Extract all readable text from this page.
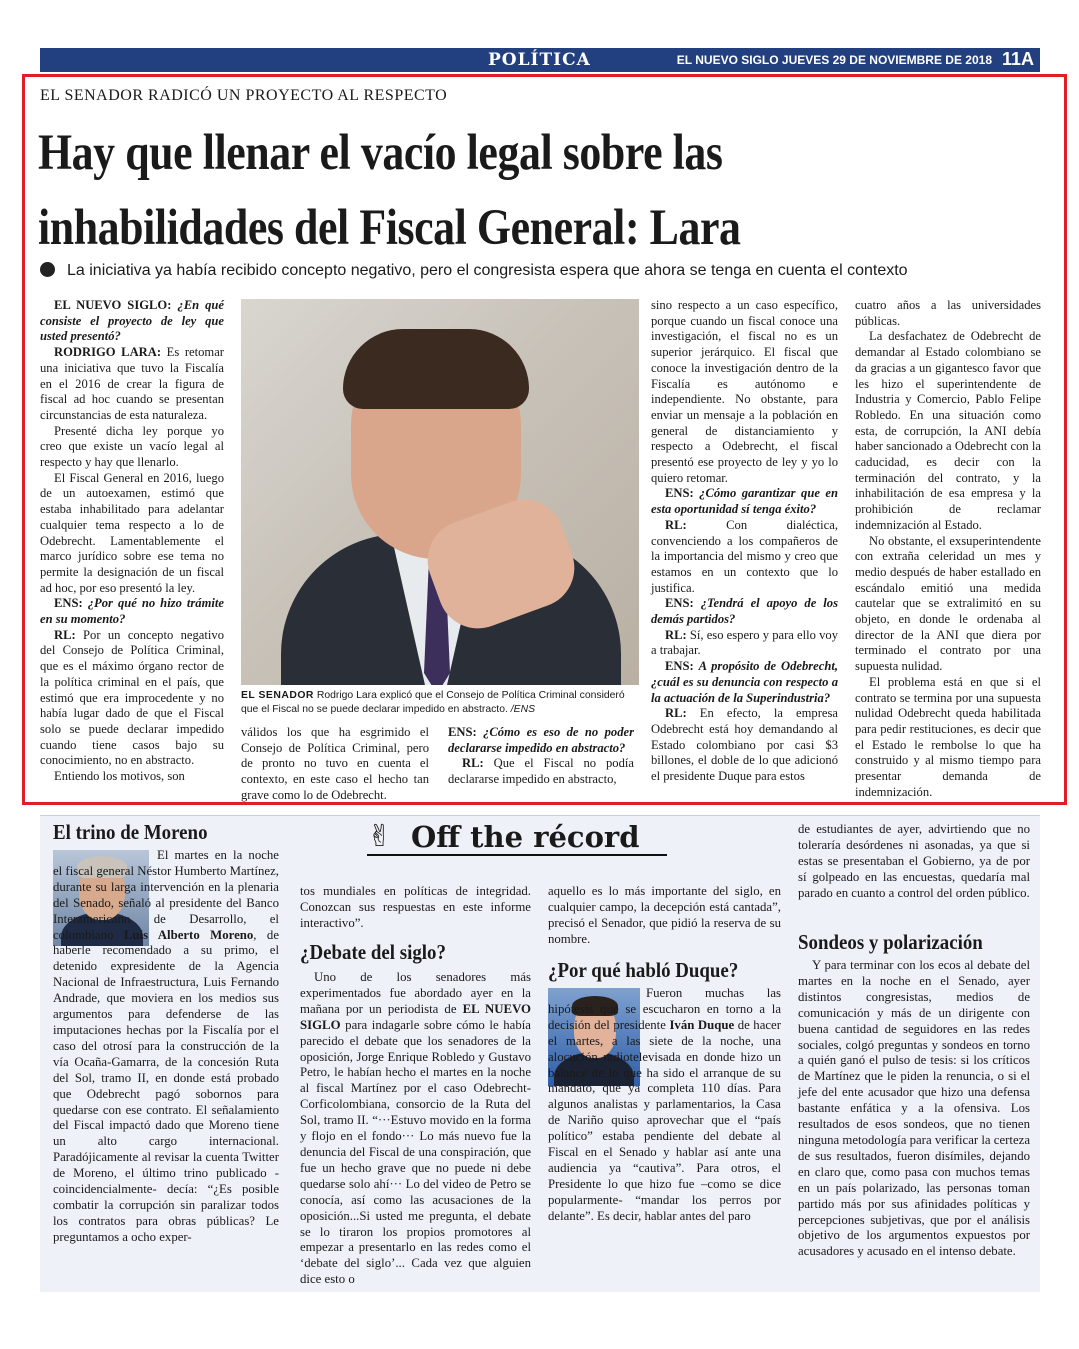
POLÍTICA	EL NUEVO SIGLO JUEVES 29 DE NOVIEMBRE DE 2018 11A
EL SENADOR RADICÓ UN PROYECTO AL RESPECTO
Hay que llenar el vacío legal sobre las
inhabilidades del Fiscal General: Lara
La iniciativa ya había recibido concepto negativo, pero el congresista espera que ahora se tenga en cuenta el contexto

EL NUEVO SIGLO: ¿En qué consiste el proyecto de ley que usted presentó?

RODRIGO LARA: Es retomar una iniciativa que tuvo la Fiscalía en el 2016 de crear la figura de fiscal ad hoc cuando se presentan circunstancias de esta naturaleza.

Presenté dicha ley porque yo creo que existe un vacío legal al respecto y hay que llenarlo.

El Fiscal General en 2016, luego de un autoexamen, estimó que estaba inhabilitado para adelantar cualquier tema respecto a lo de Odebrecht. Lamentablemente el marco jurídico sobre ese tema no permite la designación de un fiscal ad hoc, por eso presentó la ley.

ENS: ¿Por qué no hizo trámite en su momento?

RL: Por un concepto negativo del Consejo de Política Criminal, que es el máximo órgano rector de la política criminal en el país, que estimó que era improcedente y no había lugar dado de que el Fiscal solo se puede declarar impedido cuando tiene casos bajo su conocimiento, no en abstracto.

Entiendo los motivos, son

EL SENADOR Rodrigo Lara explicó que el Consejo de Política Criminal consideró que el Fiscal no se puede declarar impedido en abstracto. /ENS

válidos los que ha esgrimido el Consejo de Política Criminal, pero de pronto no tuvo en cuenta el contexto, en este caso el hecho tan grave como lo de Odebrecht.

ENS: ¿Cómo es eso de no poder declararse impedido en abstracto?

RL: Que el Fiscal no podía declararse impedido en abstracto,

sino respecto a un caso específico, porque cuando un fiscal conoce una investigación, el fiscal no es un superior jerárquico. El fiscal que conoce la investigación dentro de la Fiscalía es autónomo e independiente. No obstante, para enviar un mensaje a la población en general de distanciamiento y respecto a Odebrecht, el fiscal presentó ese proyecto de ley y yo lo quiero retomar.

ENS: ¿Cómo garantizar que en esta oportunidad sí tenga éxito?

RL:	Con dialéctica, convenciendo a los compañeros de la importancia del mismo y creo que estamos en un contexto que lo justifica.

ENS: ¿Tendrá el apoyo de los demás partidos?

RL: Sí, eso espero y para ello voy a trabajar.

ENS: A propósito de Odebrecht, ¿cuál es su denuncia con respecto a la actuación de la Superindustria?

RL: En efecto, la empresa Odebrecht está hoy demandando al Estado colombiano por casi $3 billones, el doble de lo que adicionó el presidente Duque para estos

cuatro años a las universidades públicas.

La desfachatez de Odebrecht de demandar al Estado colombiano se da gracias a un gigantesco favor que les hizo el superintendente de Industria y Comercio, Pablo Felipe Robledo. En una situación como esta, de corrupción, la ANI debía haber sancionado a Odebrecht con la caducidad, es decir con la terminación del contrato, y la inhabilitación de esa empresa y la prohibición de reclamar indemnización al Estado.

No obstante, el exsuperintendente con extraña celeridad un mes y medio después de haber estallado en escándalo emitió una medida cautelar que se extralimitó en su objeto, en donde le ordenaba al director de la ANI que diera por terminado el contrato por una supuesta nulidad.

El problema está en que si el contrato se termina por una supuesta nulidad Odebrecht queda habilitada para pedir restituciones, es decir que el Estado le rembolse lo que ha construido y al mismo tiempo para presentar demanda de indemnización.

✌ Off the récord
El trino de Moreno

El martes en la noche el fiscal general Néstor Humberto Martínez, durante su larga intervención en la plenaria del Senado, señaló al presidente del Banco Interamericano de Desarrollo, el colombiano Luis Alberto Moreno, de haberle recomendado a su primo, el detenido expresidente de la Agencia Nacional de Infraestructura, Luis Fernando Andrade, que moviera en los medios sus argumentos para defenderse de las imputaciones hechas por la Fiscalía por el caso del otrosí para la construcción de la vía Ocaña-Gamarra, de la concesión Ruta del Sol, tramo II, en donde está probado que Odebrecht pagó sobornos para quedarse con ese contrato. El señalamiento del Fiscal impactó dado que Moreno tiene un alto cargo internacional. Paradójicamente al revisar la cuenta Twitter de Moreno, el último trino publicado -coincidencialmente- decía: “¿Es posible combatir la corrupción sin paralizar todos los contratos para obras públicas? Le preguntamos a ocho exper-

tos mundiales en políticas de integridad. Conozcan sus respuestas en este informe interactivo”.

¿Debate del siglo?

Uno de los senadores más experimentados fue abordado ayer en la mañana por un periodista de EL NUEVO SIGLO para indagarle sobre cómo le había parecido el debate que los senadores de la oposición, Jorge Enrique Robledo y Gustavo Petro, le habían hecho el martes en la noche al fiscal Martínez por el caso Odebrecht-Corficolombiana, consorcio de la Ruta del Sol, tramo II. “···Estuvo movido en la forma y flojo en el fondo··· Lo más nuevo fue la denuncia del Fiscal de una conspiración, que fue un hecho grave que no puede ni debe quedarse solo ahí··· Lo del video de Petro se conocía, así como las acusaciones de la oposición...Si usted me pregunta, el debate se lo tiraron los propios promotores al empezar a presentarlo en las redes como el ‘debate del siglo’... Cada vez que alguien dice esto o

aquello es lo más importante del siglo, en cualquier campo, la decepción está cantada”, precisó el Senador, que pidió la reserva de su nombre.

¿Por qué habló Duque?

Fueron muchas las hipótesis que se escucharon en torno a la decisión del presidente Iván Duque de hacer el martes, a las siete de la noche, una alocución radiotelevisada en donde hizo un balance de lo que ha sido el arranque de su mandato, que ya completa 110 días. Para algunos analistas y parlamentarios, la Casa de Nariño quiso aprovechar que el “país político” estaba pendiente del debate al Fiscal en el Senado y hablar así ante una audiencia ya “cautiva”. Para otros, el Presidente lo que hizo fue –como se dice popularmente- “mandar los perros por delante”. Es decir, hablar antes del paro

de estudiantes de ayer, advirtiendo que no toleraría desórdenes ni asonadas, ya que si estas se presentaban el Gobierno, ya de por sí golpeado en las encuestas, quedaría mal parado en cuanto a control del orden público.

Sondeos y polarización

Y para terminar con los ecos al debate del martes en la noche en el Senado, ayer distintos congresistas, medios de comunicación y más de un dirigente con buena cantidad de seguidores en las redes sociales, colgó preguntas y sondeos en torno a quién ganó el pulso de tesis: si los críticos de Martínez que le piden la renuncia, o si el jefe del ente acusador que hizo una defensa bastante enfática y a la ofensiva. Los resultados de esos sondeos, que no tienen ninguna metodología para verificar la certeza de sus resultados, fueron disímiles, dejando en claro que, como pasa con muchos temas en un país polarizado, las personas toman partido más por sus afinidades políticas y percepciones subjetivas, que por el análisis objetivo de los argumentos expuestos por acusadores y acusado en el intenso debate.
